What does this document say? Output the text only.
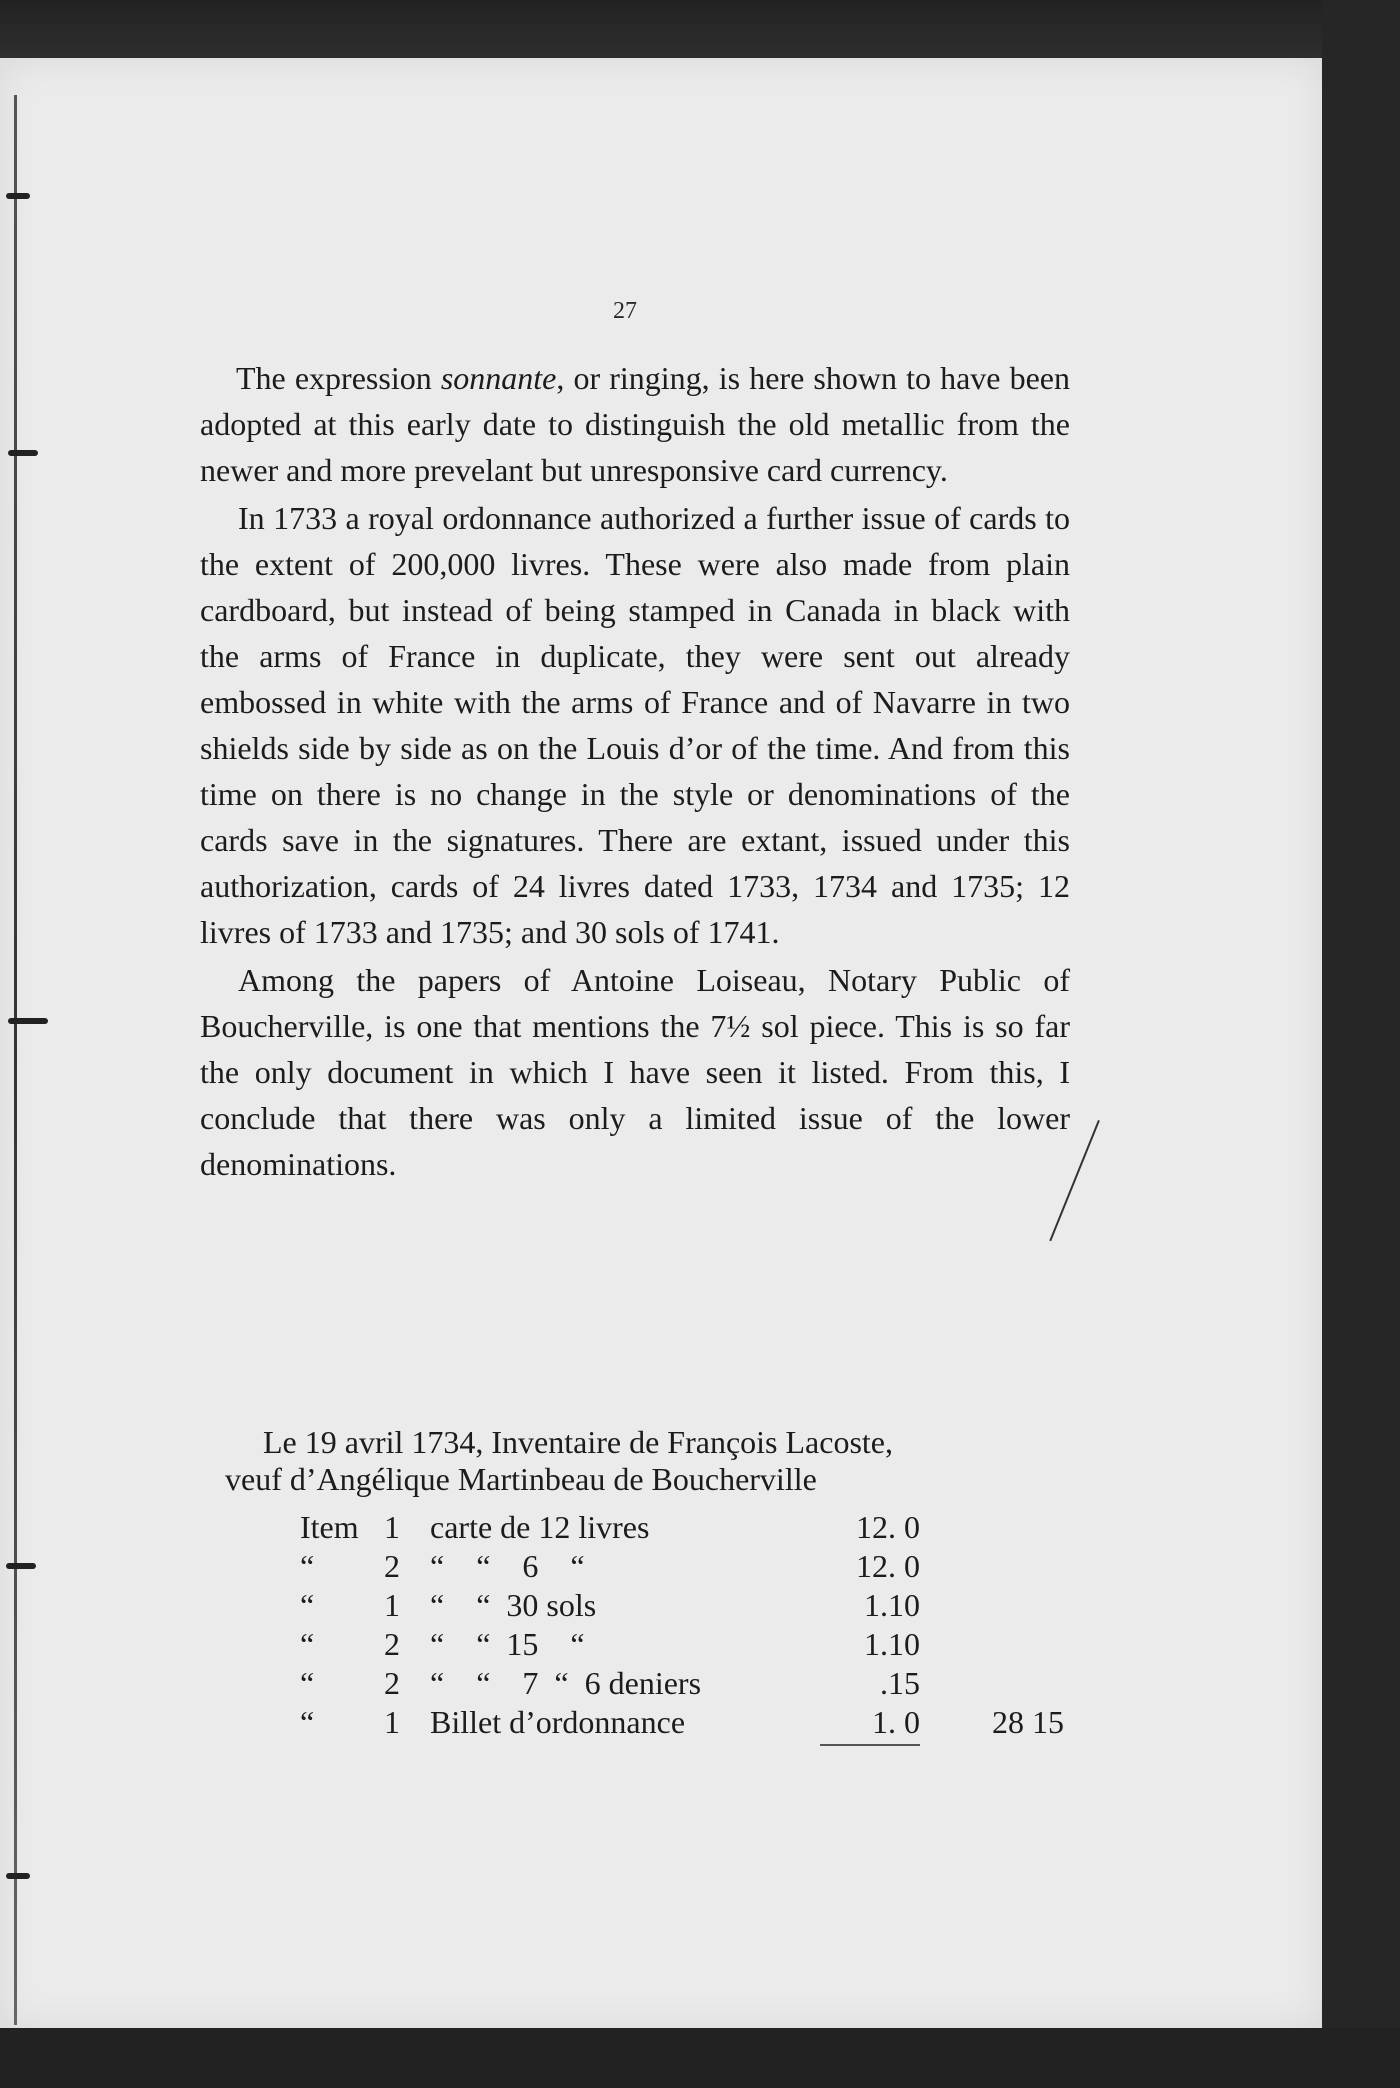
27

The expression sonnante, or ringing, is here shown to have been adopted at this early date to distinguish the old metallic from the newer and more prevelant but unresponsive card currency.

In 1733 a royal ordonnance authorized a further issue of cards to the extent of 200,000 livres. These were also made from plain cardboard, but instead of being stamped in Canada in black with the arms of France in duplicate, they were sent out already embossed in white with the arms of France and of Navarre in two shields side by side as on the Louis d’or of the time. And from this time on there is no change in the style or denominations of the cards save in the signatures. There are extant, issued under this authorization, cards of 24 livres dated 1733, 1734 and 1735; 12 livres of 1733 and 1735; and 30 sols of 1741.

Among the papers of Antoine Loiseau, Notary Public of Boucherville, is one that mentions the 7½ sol piece. This is so far the only document in which I have seen it listed. From this, I conclude that there was only a limited issue of the lower denominations.

Le 19 avril 1734, Inventaire de François Lacoste,
veuf d’Angélique Martinbeau de Boucherville
Item 1 carte de 12 livres	12. 0
“ 2 “    “    6    “	12. 0
“ 1 “    “  30 sols	1.10
“ 2 “    “  15    “	1.10
“ 2 “    “    7  “  6 deniers	.15
“ 1 Billet d’ordonnance	1. 0 28 15
